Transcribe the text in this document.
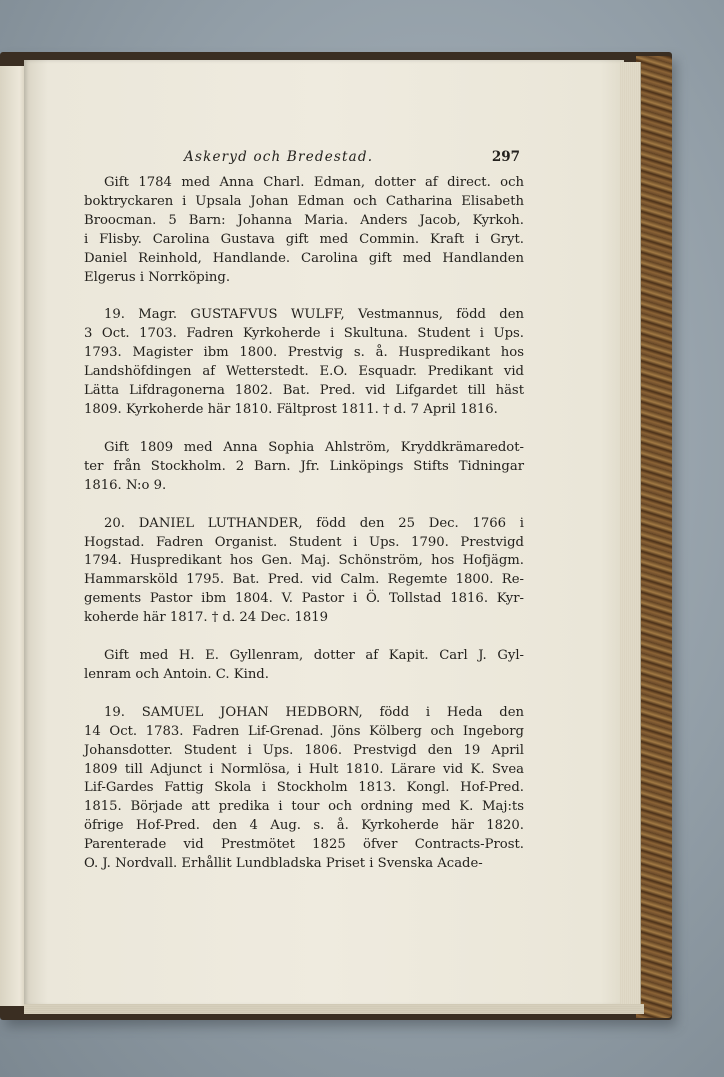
Askeryd och Bredestad.	297

Gift 1784 med Anna Charl. Edman, dotter af direct. och
boktryckaren i Upsala Johan Edman och Catharina Elisabeth
Broocman. 5 Barn: Johanna Maria. Anders Jacob, Kyrkoh.
i Flisby. Carolina Gustava gift med Commin. Kraft i Gryt.
Daniel Reinhold, Handlande. Carolina gift med Handlanden
Elgerus i Norrköping.

19. Magr. GUSTAFVUS WULFF, Vestmannus, född den
3 Oct. 1703. Fadren Kyrkoherde i Skultuna. Student i Ups.
1793. Magister ibm 1800. Prestvig s. å. Huspredikant hos
Landshöfdingen af Wetterstedt. E.O. Esquadr. Predikant vid
Lätta Lifdragonerna 1802. Bat. Pred. vid Lifgardet till häst
1809. Kyrkoherde här 1810. Fältprost 1811. † d. 7 April 1816.

Gift 1809 med Anna Sophia Ahlström, Kryddkrämaredot-
ter från Stockholm. 2 Barn. Jfr. Linköpings Stifts Tidningar
1816. N:o 9.

20. DANIEL LUTHANDER, född den 25 Dec. 1766 i
Hogstad. Fadren Organist. Student i Ups. 1790. Prestvigd
1794. Huspredikant hos Gen. Maj. Schönström, hos Hofjägm.
Hammarsköld 1795. Bat. Pred. vid Calm. Regemte 1800. Re-
gements Pastor ibm 1804. V. Pastor i Ö. Tollstad 1816. Kyr-
koherde här 1817. † d. 24 Dec. 1819

Gift med H. E. Gyllenram, dotter af Kapit. Carl J. Gyl-
lenram och Antoin. C. Kind.

19. SAMUEL JOHAN HEDBORN, född i Heda den
14 Oct. 1783. Fadren Lif-Grenad. Jöns Kölberg och Ingeborg
Johansdotter. Student i Ups. 1806. Prestvigd den 19 April
1809 till Adjunct i Normlösa, i Hult 1810. Lärare vid K. Svea
Lif-Gardes Fattig Skola i Stockholm 1813. Kongl. Hof-Pred.
1815. Började att predika i tour och ordning med K. Maj:ts
öfrige Hof-Pred. den 4 Aug. s. å. Kyrkoherde här 1820.
Parenterade vid Prestmötet 1825 öfver Contracts-Prost.
O. J. Nordvall. Erhållit Lundbladska Priset i Svenska Acade-
